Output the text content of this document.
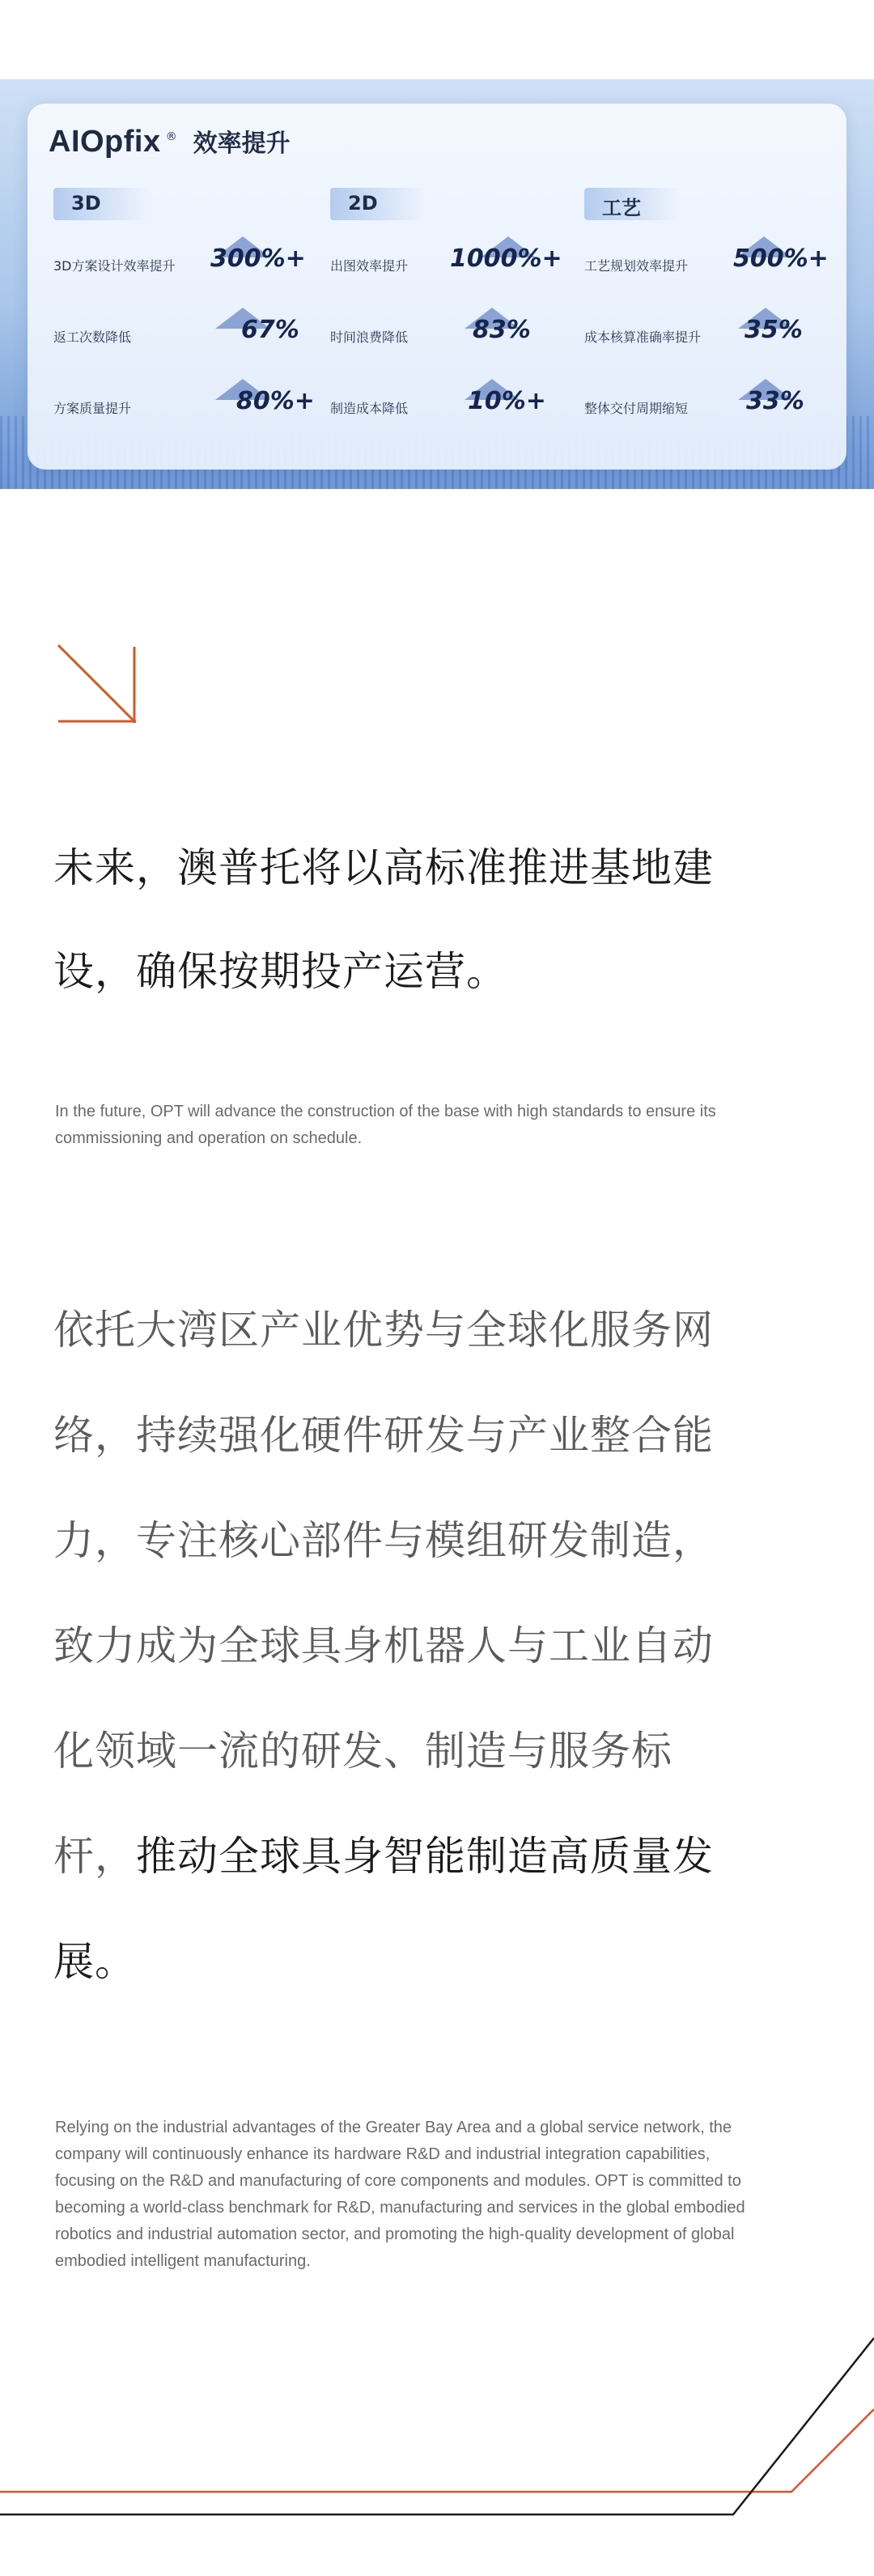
AIOpfix ® 效率提升
3D
3D方案设计效率提升 300%+
返工次数降低	67%
方案质量提升	80%+
2D
出图效率提升 1000%+
时间浪费降低	83%
制造成本降低 10%+
工艺
工艺规划效率提升 500%+
成本核算准确率提升 35%
整体交付周期缩短 33%
未来，澳普托将以高标准推进基地建
设，确保按期投产运营。
In the future, OPT will advance the construction of the base with high standards to ensure its commissioning and operation on schedule.
依托大湾区产业优势与全球化服务网
络，持续强化硬件研发与产业整合能
力，专注核心部件与模组研发制造，
致力成为全球具身机器人与工业自动
化领域一流的研发、制造与服务标
杆，推动全球具身智能制造高质量发
展。
Relying on the industrial advantages of the Greater Bay Area and a global service network, the company will continuously enhance its hardware R&D and industrial integration capabilities, focusing on the R&D and manufacturing of core components and modules. OPT is committed to becoming a world-class benchmark for R&D, manufacturing and services in the global embodied robotics and industrial automation sector, and promoting the high-quality development of global embodied intelligent manufacturing.
